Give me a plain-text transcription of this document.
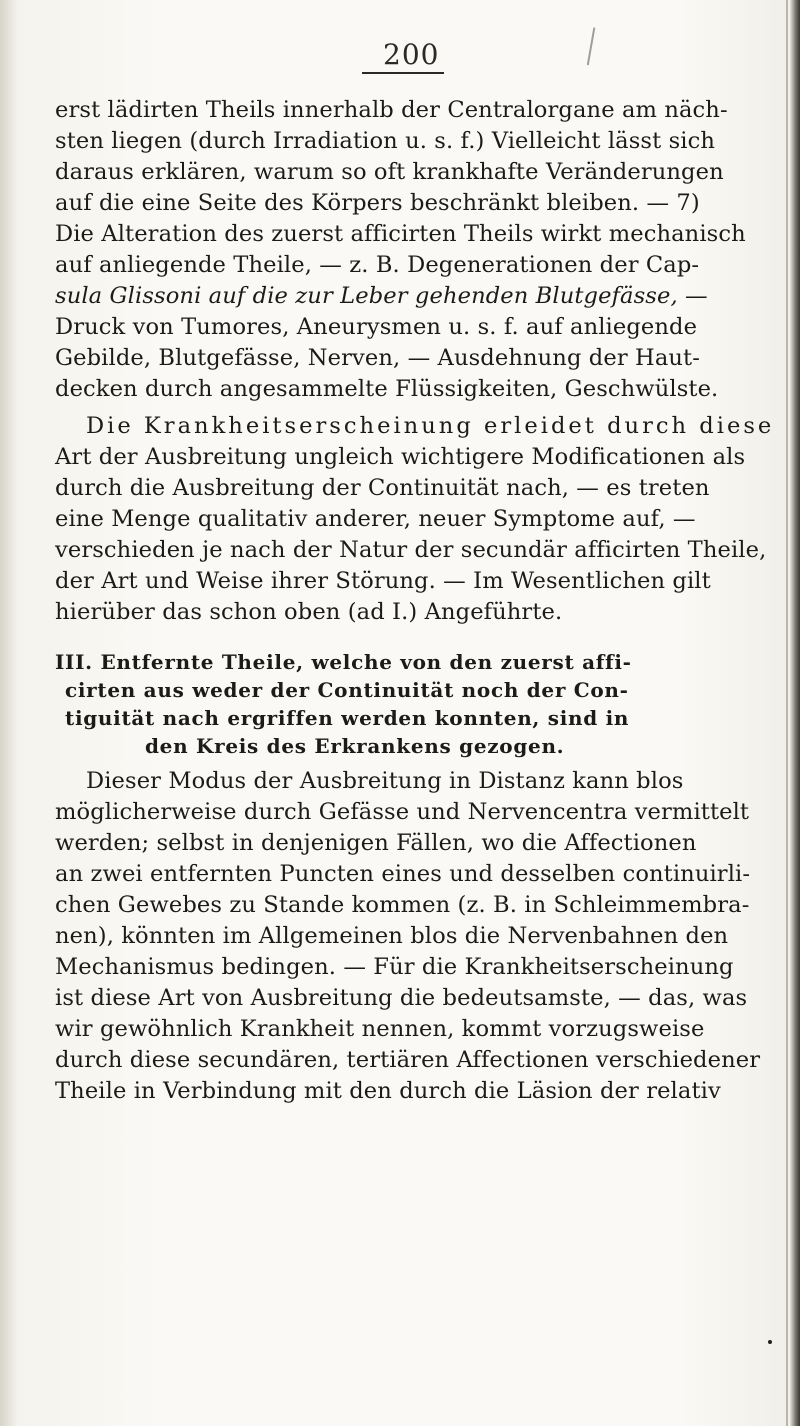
200
erst lädirten Theils innerhalb der Centralorgane am näch-
sten liegen (durch Irradiation u. s. f.) Vielleicht lässt sich
daraus erklären, warum so oft krankhafte Veränderungen
auf die eine Seite des Körpers beschränkt bleiben. — 7)
Die Alteration des zuerst afficirten Theils wirkt mechanisch
auf anliegende Theile, — z. B. Degenerationen der Cap-
sula Glissoni auf die zur Leber gehenden Blutgefässe, —
Druck von Tumores, Aneurysmen u. s. f. auf anliegende
Gebilde, Blutgefässe, Nerven, — Ausdehnung der Haut-
decken durch angesammelte Flüssigkeiten, Geschwülste.
Die Krankheitserscheinung erleidet durch diese
Art der Ausbreitung ungleich wichtigere Modificationen als
durch die Ausbreitung der Continuität nach, — es treten
eine Menge qualitativ anderer, neuer Symptome auf, —
verschieden je nach der Natur der secundär afficirten Theile,
der Art und Weise ihrer Störung. — Im Wesentlichen gilt
hierüber das schon oben (ad I.) Angeführte.
III. Entfernte Theile, welche von den zuerst affi-
cirten aus weder der Continuität noch der Con-
tiguität nach ergriffen werden konnten, sind in
den Kreis des Erkrankens gezogen.
Dieser Modus der Ausbreitung in Distanz kann blos
möglicherweise durch Gefässe und Nervencentra vermittelt
werden; selbst in denjenigen Fällen, wo die Affectionen
an zwei entfernten Puncten eines und desselben continuirli-
chen Gewebes zu Stande kommen (z. B. in Schleimmembra-
nen), könnten im Allgemeinen blos die Nervenbahnen den
Mechanismus bedingen. — Für die Krankheitserscheinung
ist diese Art von Ausbreitung die bedeutsamste, — das, was
wir gewöhnlich Krankheit nennen, kommt vorzugsweise
durch diese secundären, tertiären Affectionen verschiedener
Theile in Verbindung mit den durch die Läsion der relativ
